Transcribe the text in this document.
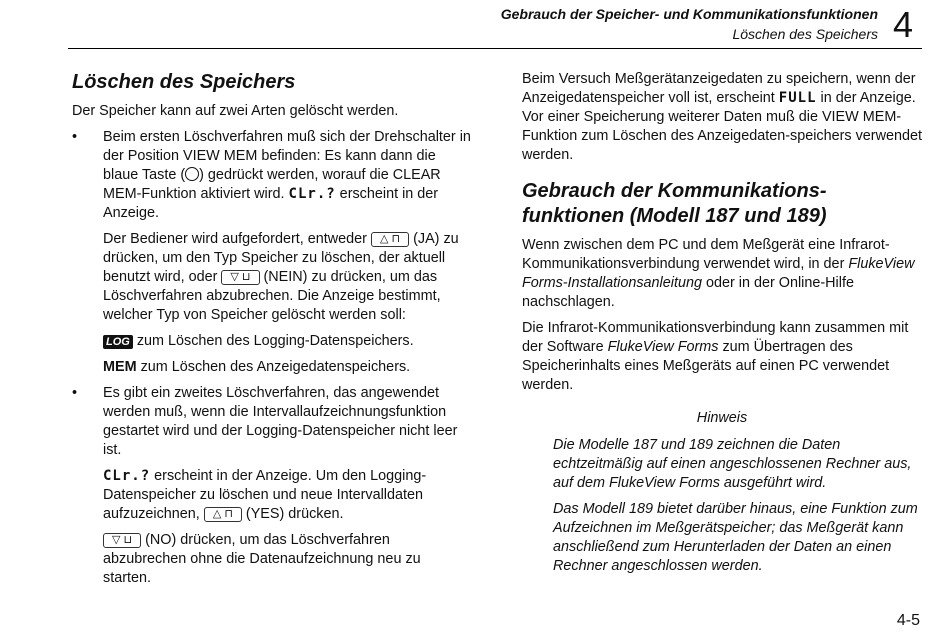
Gebrauch der Speicher- und Kommunikationsfunktionen
Löschen des Speichers 4
Löschen des Speichers

Der Speicher kann auf zwei Arten gelöscht werden.

• Beim ersten Löschverfahren muß sich der Drehschalter in der Position VIEW MEM befinden: Es kann dann die blaue Taste ( ) gedrückt werden, worauf die CLEAR MEM-Funktion aktiviert wird. CLr.? erscheint in der Anzeige.

Der Bediener wird aufgefordert, entweder △ ⊓ (JA) zu drücken, um den Typ Speicher zu löschen, der aktuell benutzt wird, oder ▽ ⊔ (NEIN) zu drücken, um das Löschverfahren abzubrechen. Die Anzeige bestimmt, welcher Typ von Speicher gelöscht werden soll:

LOG zum Löschen des Logging-Datenspeichers.

MEM zum Löschen des Anzeigedatenspeichers.

• Es gibt ein zweites Löschverfahren, das angewendet werden muß, wenn die Intervallaufzeichnungsfunktion gestartet wird und der Logging-Datenspeicher nicht leer ist.

CLr.? erscheint in der Anzeige. Um den Logging-Datenspeicher zu löschen und neue Intervalldaten aufzuzeichnen, △ ⊓ (YES) drücken.

▽ ⊔ (NO) drücken, um das Löschverfahren abzubrechen ohne die Datenaufzeichnung neu zu starten.

Beim Versuch Meßgerätanzeigedaten zu speichern, wenn der Anzeigedatenspeicher voll ist, erscheint FULL in der Anzeige. Vor einer Speicherung weiterer Daten muß die VIEW MEM-Funktion zum Löschen des Anzeigedaten-speichers verwendet werden.

Gebrauch der Kommunikations-funktionen (Modell 187 und 189)

Wenn zwischen dem PC und dem Meßgerät eine Infrarot-Kommunikationsverbindung verwendet wird, in der FlukeView Forms-Installationsanleitung oder in der Online-Hilfe nachschlagen.

Die Infrarot-Kommunikationsverbindung kann zusammen mit der Software FlukeView Forms zum Übertragen des Speicherinhalts eines Meßgeräts auf einen PC verwendet werden.

Hinweis

Die Modelle 187 und 189 zeichnen die Daten echtzeitmäßig auf einen angeschlossenen Rechner aus, auf dem FlukeView Forms ausgeführt wird.

Das Modell 189 bietet darüber hinaus, eine Funktion zum Aufzeichnen im Meßgerätspeicher; das Meßgerät kann anschließend zum Herunterladen der Daten an einen Rechner angeschlossen werden.

4-5
